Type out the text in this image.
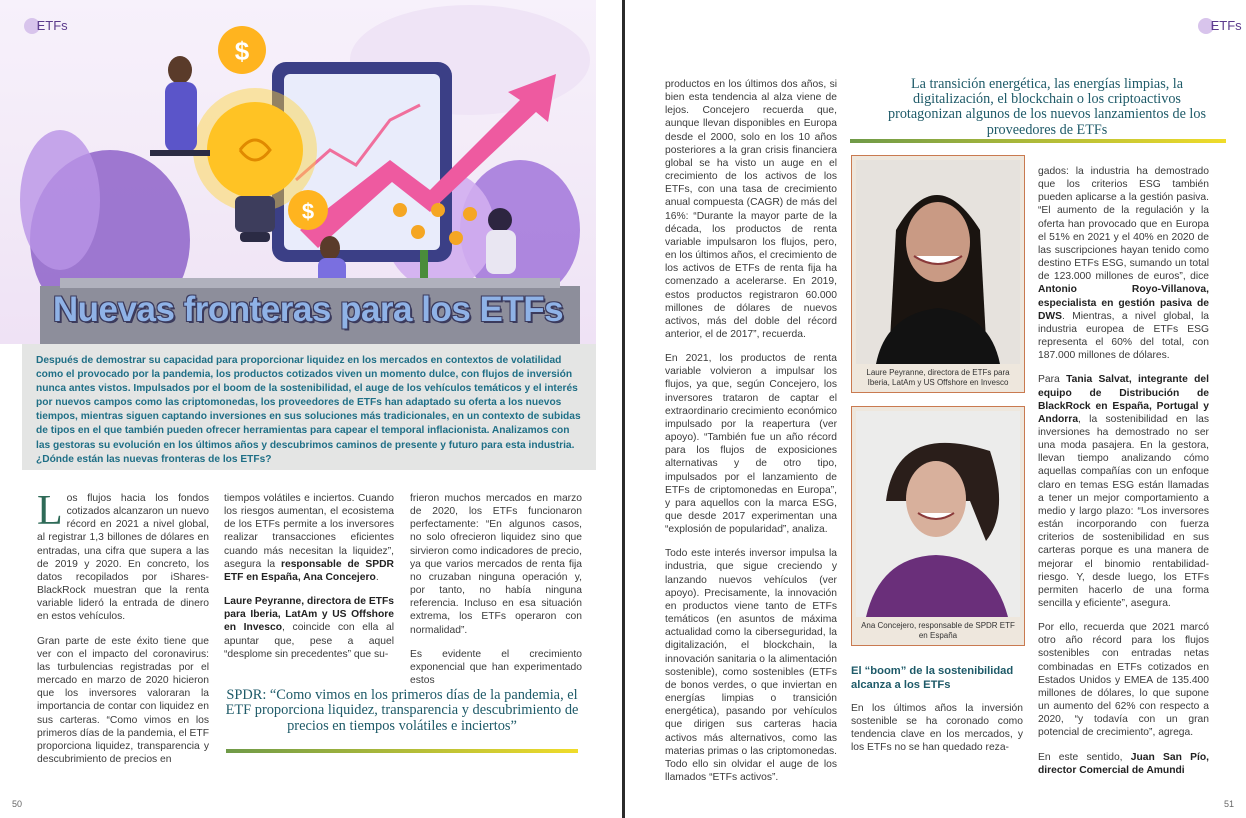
$
$
Nuevas fronteras para los ETFs
ETFs
Después de demostrar su capacidad para proporcionar liquidez en los mercados en contextos de volatilidad como el provocado por la pandemia, los productos cotizados viven un momento dulce, con flujos de inversión nunca antes vistos. Impulsados por el boom de la sostenibilidad, el auge de los vehículos temáticos y el interés por nuevos campos como las criptomonedas, los proveedores de ETFs han adaptado su oferta a los nuevos tiempos, mientras siguen captando inversiones en sus soluciones más tradicionales, en un contexto de subidas de tipos en el que también pueden ofrecer herramientas para capear el temporal inflacionista. Analizamos con las gestoras su evolución en los últimos años y descubrimos caminos de presente y futuro para esta industria. ¿Dónde están las nuevas fronteras de los ETFs?

Los flujos hacia los fondos cotizados alcanzaron un nuevo récord en 2021 a nivel global, al registrar 1,3 billones de dólares en entradas, una cifra que supera a las de 2019 y 2020. En concreto, los datos recopilados por iShares-BlackRock muestran que la renta variable lideró la entrada de dinero en estos vehículos.

Gran parte de este éxito tiene que ver con el impacto del coronavirus: las turbulencias registradas por el mercado en marzo de 2020 hicieron que los inversores valoraran la importancia de contar con liquidez en sus carteras. “Como vimos en los primeros días de la pandemia, el ETF proporciona liquidez, transparencia y descubrimiento de precios en

tiempos volátiles e inciertos. Cuando los riesgos aumentan, el ecosistema de los ETFs permite a los inversores realizar transacciones eficientes cuando más necesitan la liquidez”, asegura la responsable de SPDR ETF en España, Ana Concejero.

Laure Peyranne, directora de ETFs para Iberia, LatAm y US Offshore en Invesco, coincide con ella al apuntar que, pese a aquel “desplome sin precedentes” que su-

frieron muchos mercados en marzo de 2020, los ETFs funcionaron perfectamente: “En algunos casos, no solo ofrecieron liquidez sino que sirvieron como indicadores de precio, ya que varios mercados de renta fija no cruzaban ninguna operación y, por tanto, no había ninguna referencia. Incluso en esa situación extrema, los ETFs operaron con normalidad”.

Es evidente el crecimiento exponencial que han experimentado estos

SPDR: “Como vimos en los primeros días de la pandemia, el ETF proporciona liquidez, transparencia y descubrimiento de precios en tiempos volátiles e inciertos”
50
ETFs

productos en los últimos dos años, si bien esta tendencia al alza viene de lejos. Concejero recuerda que, aunque llevan disponibles en Europa desde el 2000, solo en los 10 años posteriores a la gran crisis financiera global se ha visto un auge en el crecimiento de los activos de los ETFs, con una tasa de crecimiento anual compuesta (CAGR) de más del 16%: “Durante la mayor parte de la década, los productos de renta variable impulsaron los flujos, pero, en los últimos años, el crecimiento de los activos de ETFs de renta fija ha comenzado a acelerarse. En 2019, estos productos registraron 60.000 millones de dólares de nuevos activos, más del doble del récord anterior, el de 2017”, recuerda.

En 2021, los productos de renta variable volvieron a impulsar los flujos, ya que, según Concejero, los inversores trataron de captar el extraordinario crecimiento económico impulsado por la reapertura (ver apoyo). “También fue un año récord para los flujos de exposiciones alternativas y de otro tipo, impulsados por el lanzamiento de ETFs de criptomonedas en Europa”, y para aquellos con la marca ESG, que desde 2017 experimentan una “explosión de popularidad”, analiza.

Todo este interés inversor impulsa la industria, que sigue creciendo y lanzando nuevos vehículos (ver apoyo). Precisamente, la innovación en productos viene tanto de ETFs temáticos (en asuntos de máxima actualidad como la ciberseguridad, la digitalización, el blockchain, la innovación sanitaria o la alimentación sostenible), como sostenibles (ETFs de bonos verdes, o que inviertan en energías limpias o transición energética), pasando por vehículos que dirigen sus carteras hacia activos más alternativos, como las materias primas o las criptomonedas. Todo ello sin olvidar el auge de los llamados “ETFs activos”.

La transición energética, las energías limpias, la digitalización, el blockchain o los criptoactivos protagonizan algunos de los nuevos lanzamientos de los proveedores de ETFs
Laure Peyranne, directora de ETFs para Iberia, LatAm y US Offshore en Invesco
Ana Concejero, responsable de SPDR ETF en España
El “boom” de la sostenibilidad alcanza a los ETFs

En los últimos años la inversión sostenible se ha coronado como tendencia clave en los mercados, y los ETFs no se han quedado reza-

gados: la industria ha demostrado que los criterios ESG también pueden aplicarse a la gestión pasiva. “El aumento de la regulación y la oferta han provocado que en Europa el 51% en 2021 y el 40% en 2020 de las suscripciones hayan tenido como destino ETFs ESG, sumando un total de 123.000 millones de euros”, dice Antonio Royo-Villanova, especialista en gestión pasiva de DWS. Mientras, a nivel global, la industria europea de ETFs ESG representa el 60% del total, con 187.000 millones de dólares.

Para Tania Salvat, integrante del equipo de Distribución de BlackRock en España, Portugal y Andorra, la sostenibilidad en las inversiones ha demostrado no ser una moda pasajera. En la gestora, llevan tiempo analizando cómo aquellas compañías con un enfoque claro en temas ESG están llamadas a tener un mejor comportamiento a medio y largo plazo: “Los inversores están incorporando con fuerza criterios de sostenibilidad en sus carteras porque es una manera de mejorar el binomio rentabilidad-riesgo. Y, desde luego, los ETFs permiten hacerlo de una forma sencilla y eficiente”, asegura.

Por ello, recuerda que 2021 marcó otro año récord para los flujos sostenibles con entradas netas combinadas en ETFs cotizados en Estados Unidos y EMEA de 135.400 millones de dólares, lo que supone un aumento del 62% con respecto a 2020, “y todavía con un gran potencial de crecimiento”, agrega.

En este sentido, Juan San Pío, director Comercial de Amundi

51
